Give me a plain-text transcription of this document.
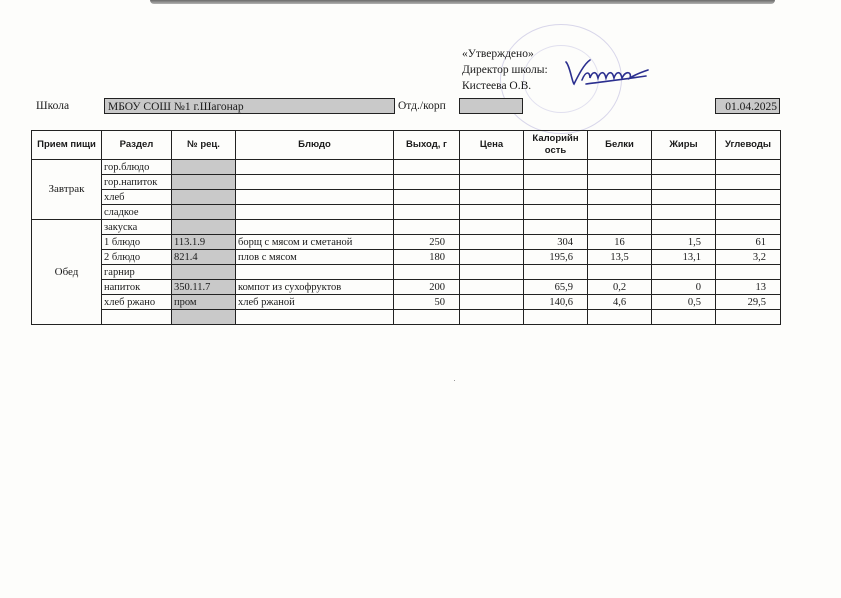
«Утверждено»
Директор школы:
Кистеева О.В.
Школа	МБОУ СОШ №1 г.Шагонар	Отд./корп	01.04.2025
Прием пищи	Раздел	№ рец.	Блюдо	Выход, г	Цена	Калорийн ость	Белки	Жиры	Углеводы
Завтрак	гор.блюдо								
	гор.напиток								
	хлеб								
	сладкое								
Обед	закуска								
	1 блюдо	113.1.9	борщ с мясом и сметаной	250		304	16	1,5	61
	2 блюдо	821.4	плов с мясом	180		195,6	13,5	13,1	3,2
	гарнир								
	напиток	350.11.7	компот из сухофруктов	200		65,9	0,2	0	13
	хлеб ржано	пром	хлеб ржаной	50		140,6	4,6	0,5	29,5
